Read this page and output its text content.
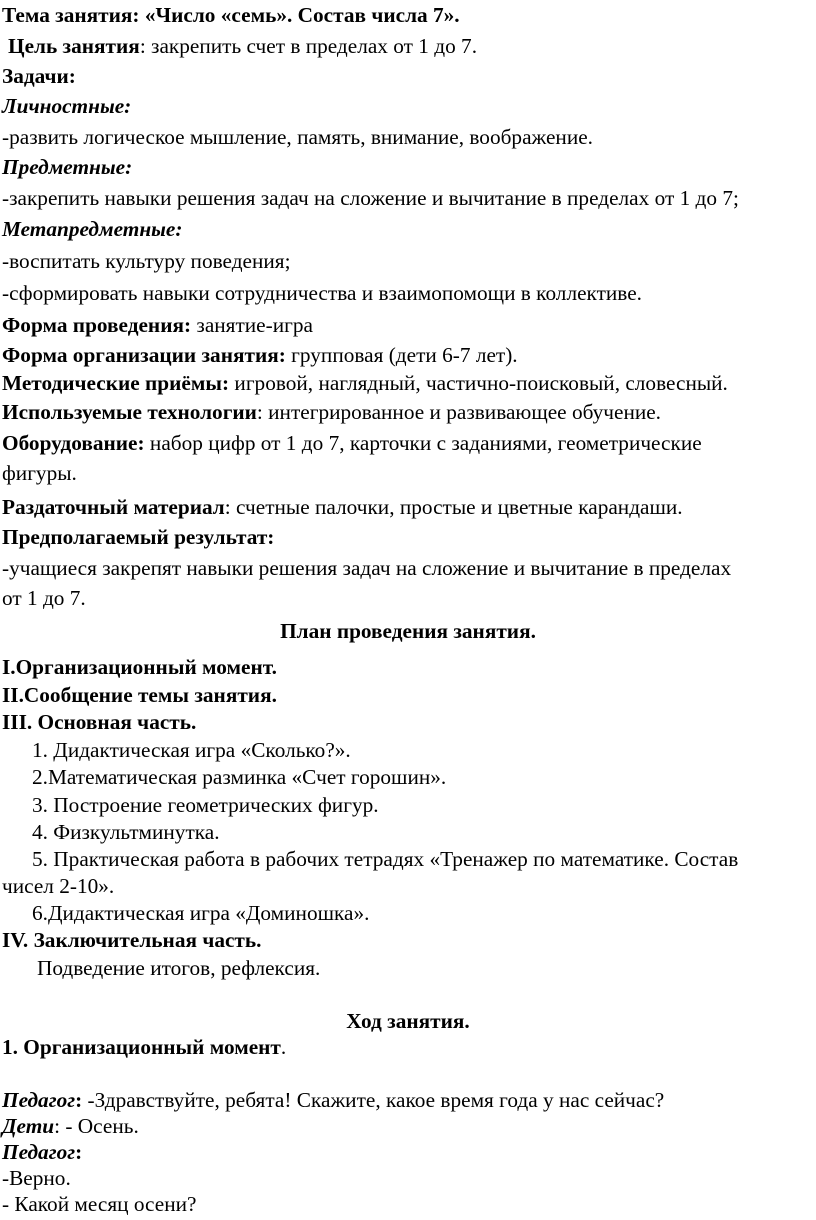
Тема занятия: «Число «семь». Состав числа 7».
Цель занятия: закрепить счет в пределах от 1 до 7.
Задачи:
Личностные:
-развить логическое мышление, память, внимание, воображение.
Предметные:
-закрепить навыки решения задач на сложение и вычитание в пределах от 1 до 7;
Метапредметные:
-воспитать культуру поведения;
-сформировать навыки сотрудничества и взаимопомощи в коллективе.
Форма проведения: занятие-игра
Форма организации занятия: групповая (дети 6-7 лет).
Методические приёмы: игровой, наглядный, частично-поисковый, словесный.
Используемые технологии: интегрированное и развивающее обучение.
Оборудование: набор цифр от 1 до 7, карточки с заданиями, геометрические
фигуры.
Раздаточный материал: счетные палочки, простые и цветные карандаши.
Предполагаемый результат:
-учащиеся закрепят навыки решения задач на сложение и вычитание в пределах
от 1 до 7.
План проведения занятия.
I.Организационный момент.
II.Сообщение темы занятия.
III. Основная часть.
1. Дидактическая игра «Сколько?».
2.Математическая разминка «Счет горошин».
3. Построение геометрических фигур.
4. Физкультминутка.
5. Практическая работа в рабочих тетрадях «Тренажер по математике. Состав
чисел 2-10».
6.Дидактическая игра «Доминошка».
IV. Заключительная часть.
Подведение итогов, рефлексия.
Ход занятия.
1. Организационный момент.
Педагог: -Здравствуйте, ребята! Скажите, какое время года у нас сейчас?
Дети: - Осень.
Педагог:
-Верно.
- Какой месяц осени?
